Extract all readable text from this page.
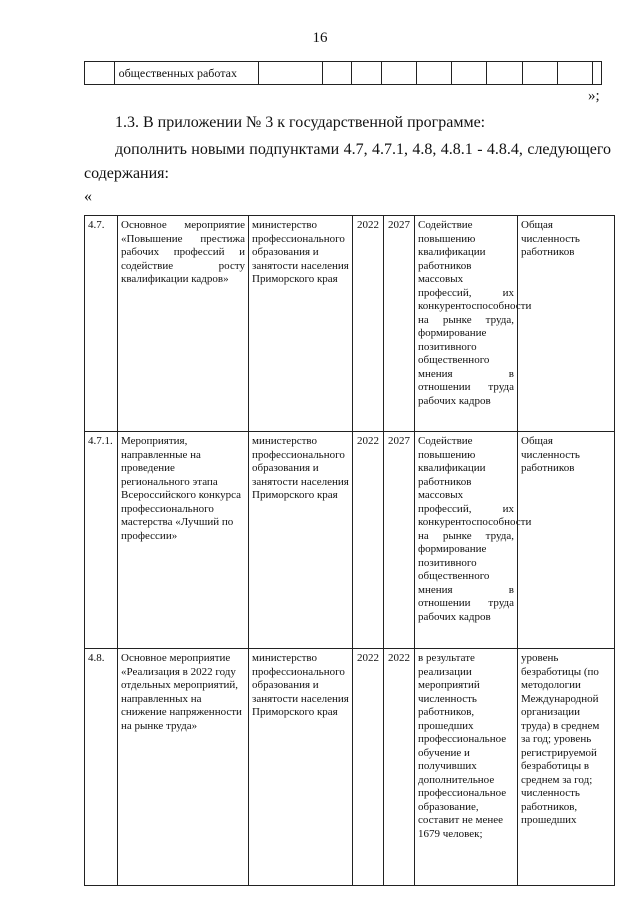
16
	общественных работах										
»;
1.3. В приложении № 3 к государственной программе:
дополнить новыми подпунктами 4.7, 4.7.1, 4.8, 4.8.1 - 4.8.4, следующего содержания:
«
4.7.	Основное мероприятие «Повышение престижа рабочих профессий и содействие росту квалификации кадров»	министерство профессионального образования и занятости населения Приморского края	2022	2027	Содействие повышению квалификации работников массовых профессий, их конкурентоспособности на рынке труда, формирование позитивного общественного мнения в отношении труда рабочих кадров	Общая численность работников
4.7.1.	Мероприятия, направленные на проведение регионального этапа Всероссийского конкурса профессионального мастерства «Лучший по профессии»	министерство профессионального образования и занятости населения Приморского края	2022	2027	Содействие повышению квалификации работников массовых профессий, их конкурентоспособности на рынке труда, формирование позитивного общественного мнения в отношении труда рабочих кадров	Общая численность работников
4.8.	Основное мероприятие «Реализация в 2022 году отдельных мероприятий, направленных на снижение напряженности на рынке труда»	министерство профессионального образования и занятости населения Приморского края	2022	2022	в результате реализации мероприятий численность работников, прошедших профессиональное обучение и получивших дополнительное профессиональное образование, составит не менее 1679 человек;	уровень безработицы (по методологии Международной организации труда) в среднем за год; уровень регистрируемой безработицы в среднем за год; численность работников, прошедших
